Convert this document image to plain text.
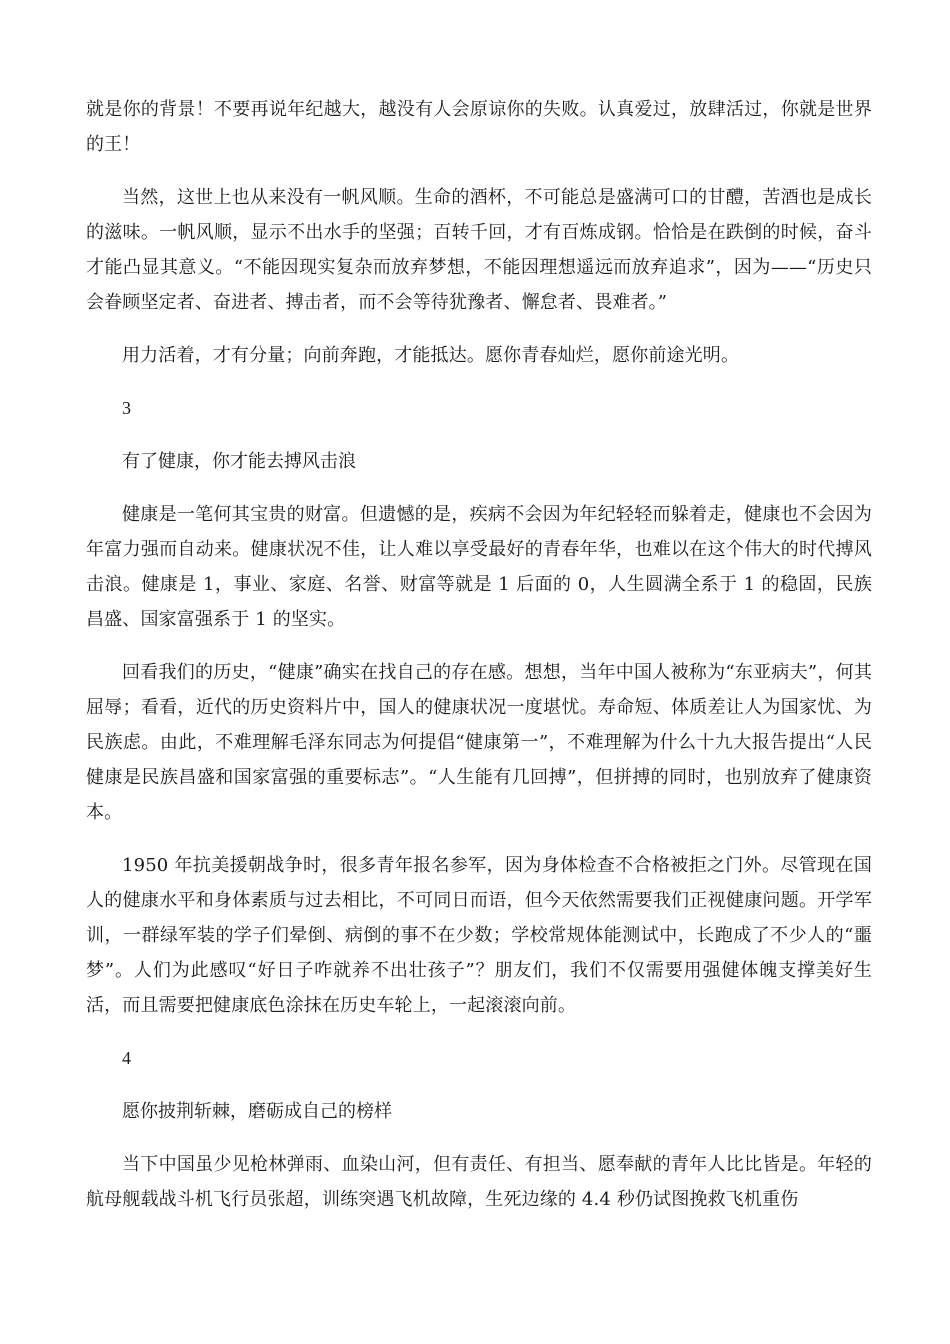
就是你的背景！不要再说年纪越大，越没有人会原谅你的失败。认真爱过，放肆活过，你就是世界的王！

当然，这世上也从来没有一帆风顺。生命的酒杯，不可能总是盛满可口的甘醴，苦酒也是成长的滋味。一帆风顺，显示不出水手的坚强；百转千回，才有百炼成钢。恰恰是在跌倒的时候，奋斗才能凸显其意义。“不能因现实复杂而放弃梦想，不能因理想遥远而放弃追求”，因为——“历史只会眷顾坚定者、奋进者、搏击者，而不会等待犹豫者、懈怠者、畏难者。”

用力活着，才有分量；向前奔跑，才能抵达。愿你青春灿烂，愿你前途光明。

3

有了健康，你才能去搏风击浪

健康是一笔何其宝贵的财富。但遗憾的是，疾病不会因为年纪轻轻而躲着走，健康也不会因为年富力强而自动来。健康状况不佳，让人难以享受最好的青春年华，也难以在这个伟大的时代搏风击浪。健康是 1，事业、家庭、名誉、财富等就是 1 后面的 0，人生圆满全系于 1 的稳固，民族昌盛、国家富强系于 1 的坚实。

回看我们的历史，“健康”确实在找自己的存在感。想想，当年中国人被称为“东亚病夫”，何其屈辱；看看，近代的历史资料片中，国人的健康状况一度堪忧。寿命短、体质差让人为国家忧、为民族虑。由此，不难理解毛泽东同志为何提倡“健康第一”，不难理解为什么十九大报告提出“人民健康是民族昌盛和国家富强的重要标志”。“人生能有几回搏”，但拼搏的同时，也别放弃了健康资本。

1950 年抗美援朝战争时，很多青年报名参军，因为身体检查不合格被拒之门外。尽管现在国人的健康水平和身体素质与过去相比，不可同日而语，但今天依然需要我们正视健康问题。开学军训，一群绿军装的学子们晕倒、病倒的事不在少数；学校常规体能测试中，长跑成了不少人的“噩梦”。人们为此感叹“好日子咋就养不出壮孩子”？朋友们，我们不仅需要用强健体魄支撑美好生活，而且需要把健康底色涂抹在历史车轮上，一起滚滚向前。

4

愿你披荆斩棘，磨砺成自己的榜样

当下中国虽少见枪林弹雨、血染山河，但有责任、有担当、愿奉献的青年人比比皆是。年轻的航母舰载战斗机飞行员张超，训练突遇飞机故障，生死边缘的 4.4 秒仍试图挽救飞机重伤
